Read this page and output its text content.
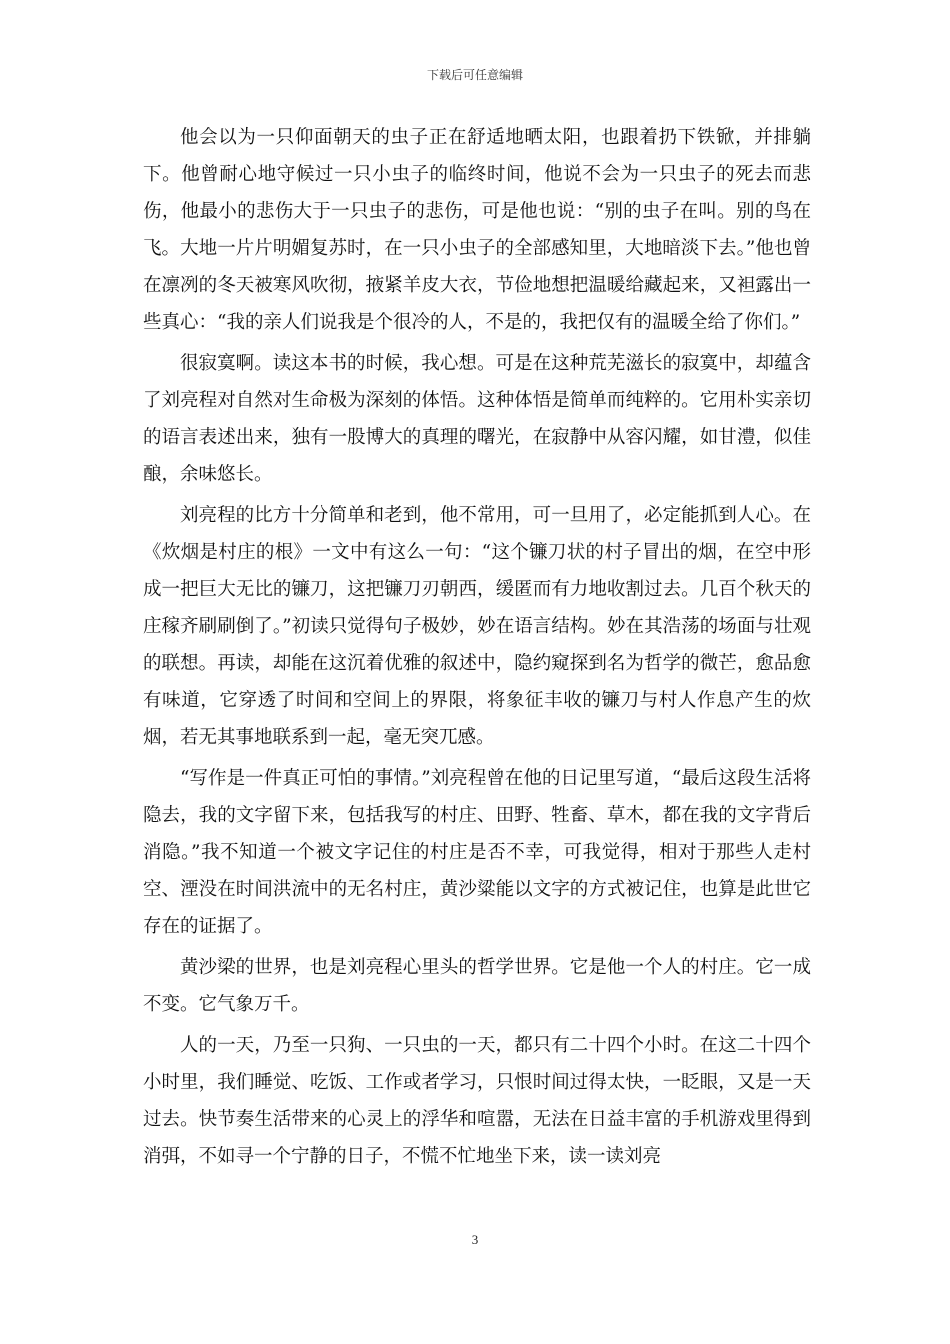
下载后可任意编辑

他会以为一只仰面朝天的虫子正在舒适地晒太阳，也跟着扔下铁锨，并排躺下。他曾耐心地守候过一只小虫子的临终时间，他说不会为一只虫子的死去而悲伤，他最小的悲伤大于一只虫子的悲伤，可是他也说：“别的虫子在叫。别的鸟在飞。大地一片片明媚复苏时，在一只小虫子的全部感知里，大地暗淡下去。”他也曾在凛冽的冬天被寒风吹彻，掖紧羊皮大衣，节俭地想把温暖给藏起来，又袒露出一些真心：“我的亲人们说我是个很冷的人，不是的，我把仅有的温暖全给了你们。”

很寂寞啊。读这本书的时候，我心想。可是在这种荒芜滋长的寂寞中，却蕴含了刘亮程对自然对生命极为深刻的体悟。这种体悟是简单而纯粹的。它用朴实亲切的语言表述出来，独有一股博大的真理的曙光，在寂静中从容闪耀，如甘澧，似佳酿，余味悠长。

刘亮程的比方十分简单和老到，他不常用，可一旦用了，必定能抓到人心。在《炊烟是村庄的根》一文中有这么一句：“这个镰刀状的村子冒出的烟，在空中形成一把巨大无比的镰刀，这把镰刀刃朝西，缓匿而有力地收割过去。几百个秋天的庄稼齐刷刷倒了。”初读只觉得句子极妙，妙在语言结构。妙在其浩荡的场面与壮观的联想。再读，却能在这沉着优雅的叙述中，隐约窥探到名为哲学的微芒，愈品愈有味道，它穿透了时间和空间上的界限，将象征丰收的镰刀与村人作息产生的炊烟，若无其事地联系到一起，毫无突兀感。

“写作是一件真正可怕的事情。”刘亮程曾在他的日记里写道，“最后这段生活将隐去，我的文字留下来，包括我写的村庄、田野、牲畜、草木，都在我的文字背后消隐。”我不知道一个被文字记住的村庄是否不幸，可我觉得，相对于那些人走村空、湮没在时间洪流中的无名村庄，黄沙粱能以文字的方式被记住，也算是此世它存在的证据了。

黄沙梁的世界，也是刘亮程心里头的哲学世界。它是他一个人的村庄。它一成不变。它气象万千。

人的一天，乃至一只狗、一只虫的一天，都只有二十四个小时。在这二十四个小时里，我们睡觉、吃饭、工作或者学习，只恨时间过得太快，一眨眼，又是一天过去。快节奏生活带来的心灵上的浮华和喧嚣，无法在日益丰富的手机游戏里得到消弭，不如寻一个宁静的日子，不慌不忙地坐下来，读一读刘亮

3
